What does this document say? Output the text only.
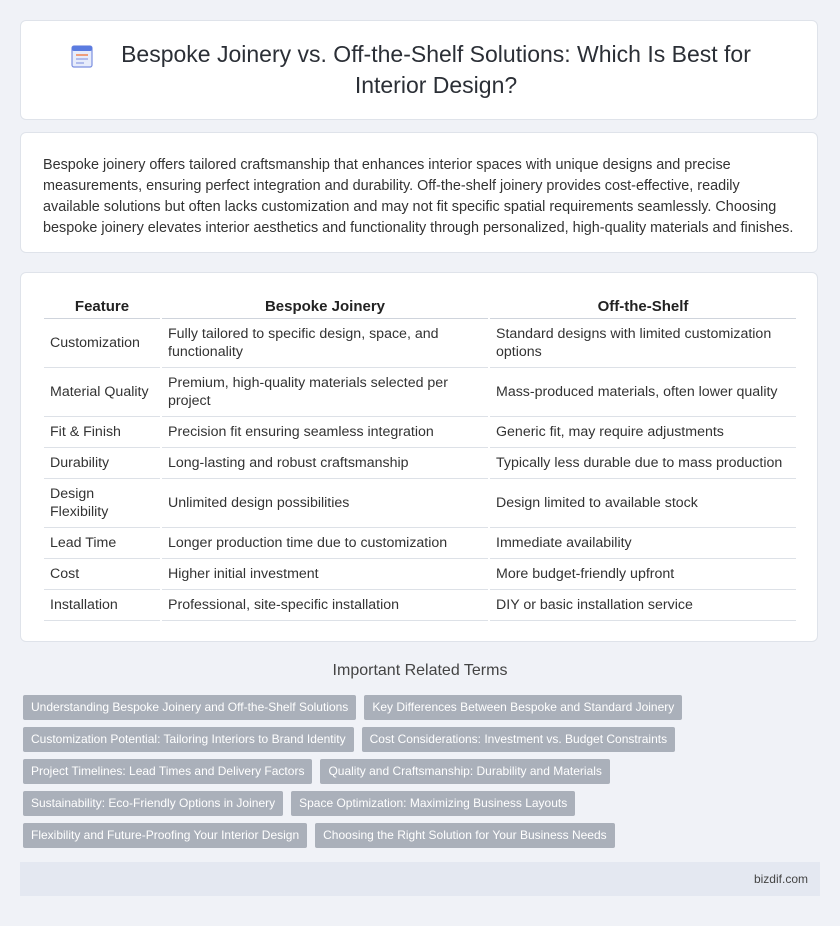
Bespoke Joinery vs. Off-the-Shelf Solutions: Which Is Best for Interior Design?

Bespoke joinery offers tailored craftsmanship that enhances interior spaces with unique designs and precise measurements, ensuring perfect integration and durability. Off-the-shelf joinery provides cost-effective, readily available solutions but often lacks customization and may not fit specific spatial requirements seamlessly. Choosing bespoke joinery elevates interior aesthetics and functionality through personalized, high-quality materials and finishes.

Feature	Bespoke Joinery	Off-the-Shelf
Customization	Fully tailored to specific design, space, and functionality	Standard designs with limited customization options
Material Quality	Premium, high-quality materials selected per project	Mass-produced materials, often lower quality
Fit & Finish	Precision fit ensuring seamless integration	Generic fit, may require adjustments
Durability	Long-lasting and robust craftsmanship	Typically less durable due to mass production
Design Flexibility	Unlimited design possibilities	Design limited to available stock
Lead Time	Longer production time due to customization	Immediate availability
Cost	Higher initial investment	More budget-friendly upfront
Installation	Professional, site-specific installation	DIY or basic installation service
Important Related Terms
Understanding Bespoke Joinery and Off-the-Shelf Solutions	Key Differences Between Bespoke and Standard Joinery
Customization Potential: Tailoring Interiors to Brand Identity	Cost Considerations: Investment vs. Budget Constraints
Project Timelines: Lead Times and Delivery Factors	Quality and Craftsmanship: Durability and Materials
Sustainability: Eco-Friendly Options in Joinery	Space Optimization: Maximizing Business Layouts
Flexibility and Future-Proofing Your Interior Design	Choosing the Right Solution for Your Business Needs
bizdif.com
